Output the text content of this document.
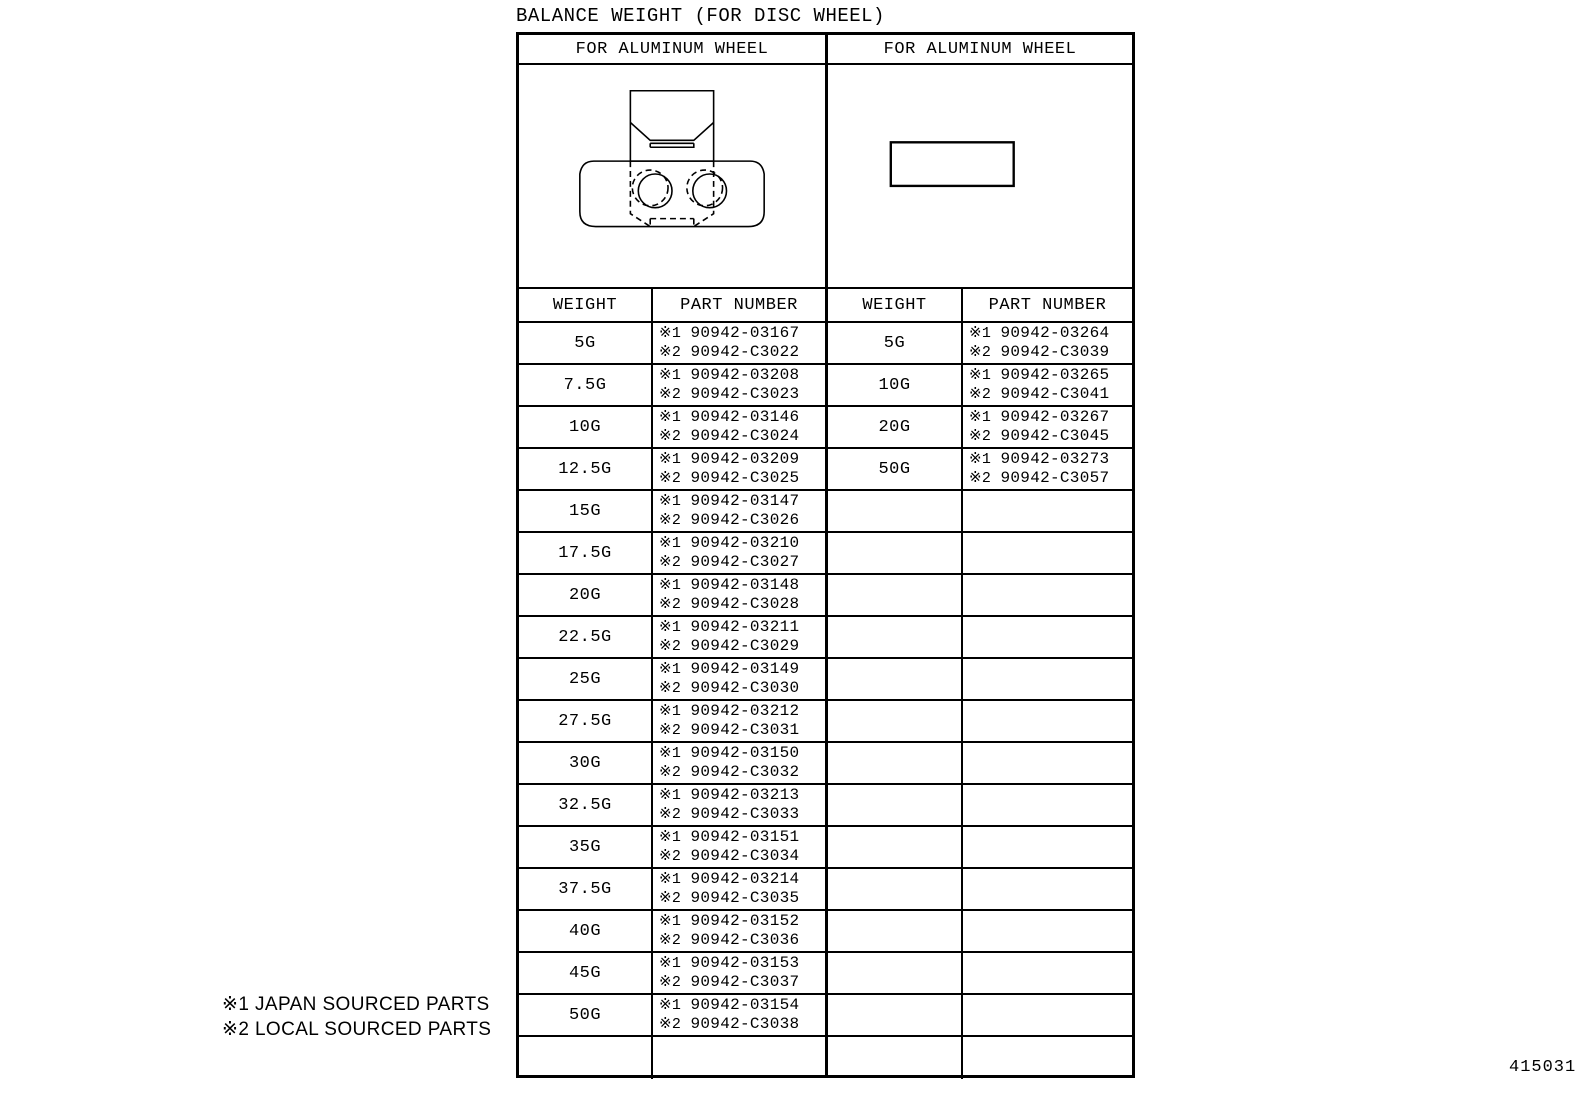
BALANCE WEIGHT (FOR DISC WHEEL)
FOR ALUMINUM WHEEL
WEIGHT	PART NUMBER
5G	※1 90942-03167
※2 90942-C3022
7.5G	※1 90942-03208
※2 90942-C3023
10G	※1 90942-03146
※2 90942-C3024
12.5G	※1 90942-03209
※2 90942-C3025
15G	※1 90942-03147
※2 90942-C3026
17.5G	※1 90942-03210
※2 90942-C3027
20G	※1 90942-03148
※2 90942-C3028
22.5G	※1 90942-03211
※2 90942-C3029
25G	※1 90942-03149
※2 90942-C3030
27.5G	※1 90942-03212
※2 90942-C3031
30G	※1 90942-03150
※2 90942-C3032
32.5G	※1 90942-03213
※2 90942-C3033
35G	※1 90942-03151
※2 90942-C3034
37.5G	※1 90942-03214
※2 90942-C3035
40G	※1 90942-03152
※2 90942-C3036
45G	※1 90942-03153
※2 90942-C3037
50G	※1 90942-03154
※2 90942-C3038
FOR ALUMINUM WHEEL
WEIGHT	PART NUMBER
5G	※1 90942-03264
※2 90942-C3039
10G	※1 90942-03265
※2 90942-C3041
20G	※1 90942-03267
※2 90942-C3045
50G	※1 90942-03273
※2 90942-C3057
※1 JAPAN SOURCED PARTS
※2 LOCAL SOURCED PARTS
415031
